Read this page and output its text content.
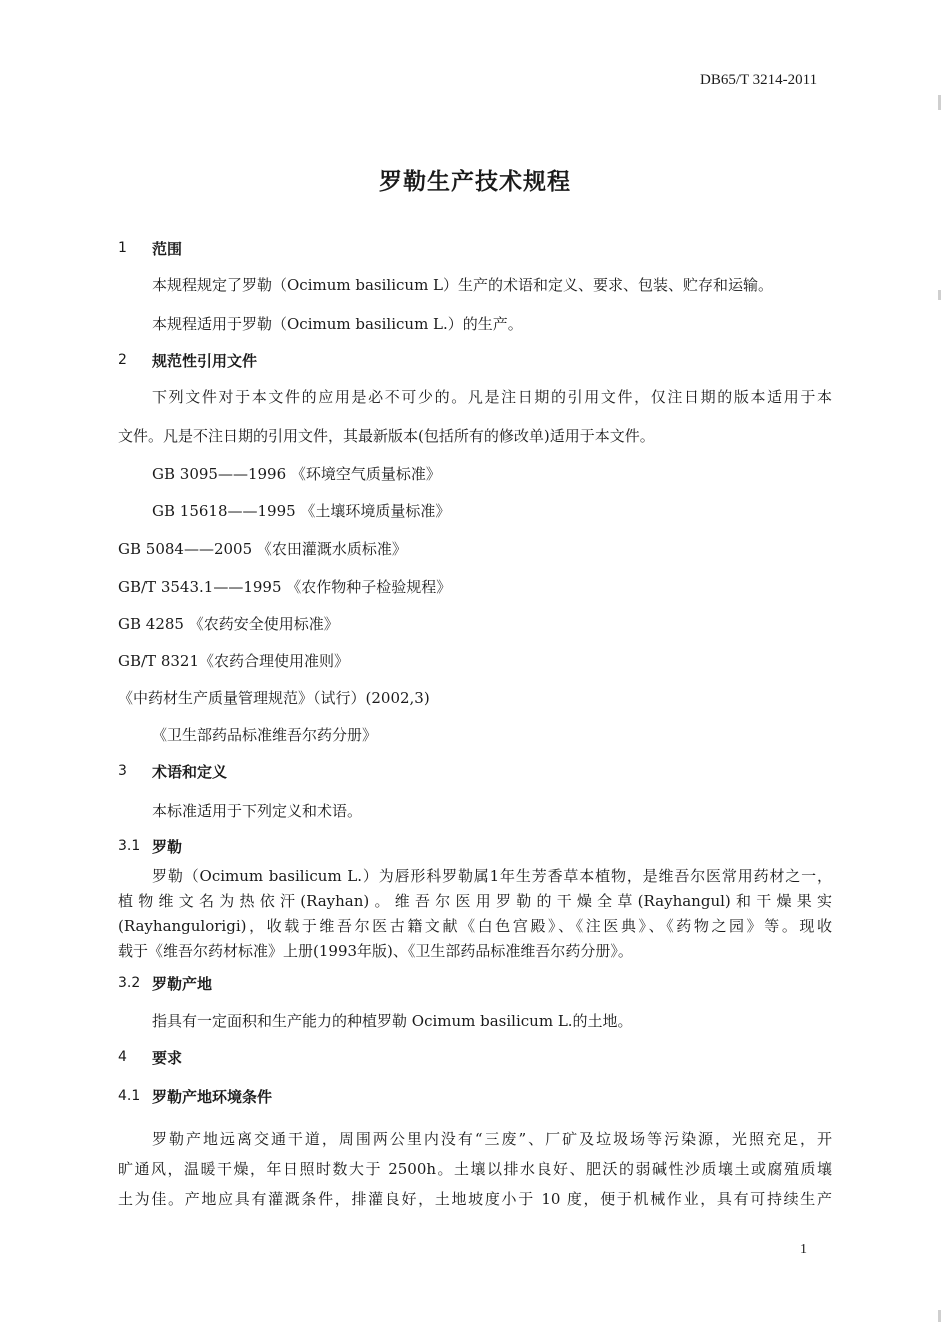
DB65/T 3214-2011
罗勒生产技术规程
1 范围
本规程规定了罗勒（Ocimum basilicum L）生产的术语和定义、要求、包装、贮存和运输。
本规程适用于罗勒（Ocimum basilicum L.）的生产。
2 规范性引用文件
下列文件对于本文件的应用是必不可少的。凡是注日期的引用文件，仅注日期的版本适用于本
文件。凡是不注日期的引用文件，其最新版本(包括所有的修改单)适用于本文件。
GB 3095——1996 《环境空气质量标准》
GB 15618——1995 《土壤环境质量标准》
GB 5084——2005 《农田灌溉水质标准》
GB/T 3543.1——1995 《农作物种子检验规程》
GB 4285 《农药安全使用标准》
GB/T 8321《农药合理使用准则》
《中药材生产质量管理规范》（试行）(2002,3)
《卫生部药品标准维吾尔药分册》
3 术语和定义
本标准适用于下列定义和术语。
3.1 罗勒
罗勒（Ocimum basilicum L.）为唇形科罗勒属1年生芳香草本植物，是维吾尔医常用药材之一，
植物维文名为热依汗(Rayhan)。维吾尔医用罗勒的干燥全草(Rayhangul)和干燥果实
(Rayhangulorigi)，收载于维吾尔医古籍文献《白色宫殿》、《注医典》、《药物之园》等。现收
载于《维吾尔药材标准》上册(1993年版)、《卫生部药品标准维吾尔药分册》。
3.2 罗勒产地
指具有一定面积和生产能力的种植罗勒 Ocimum basilicum L.的土地。
4 要求
4.1 罗勒产地环境条件
罗勒产地远离交通干道，周围两公里内没有“三废”、厂矿及垃圾场等污染源，光照充足，开
旷通风，温暖干燥，年日照时数大于 2500h。土壤以排水良好、肥沃的弱碱性沙质壤土或腐殖质壤
土为佳。产地应具有灌溉条件，排灌良好，土地坡度小于 10 度，便于机械作业，具有可持续生产
1
